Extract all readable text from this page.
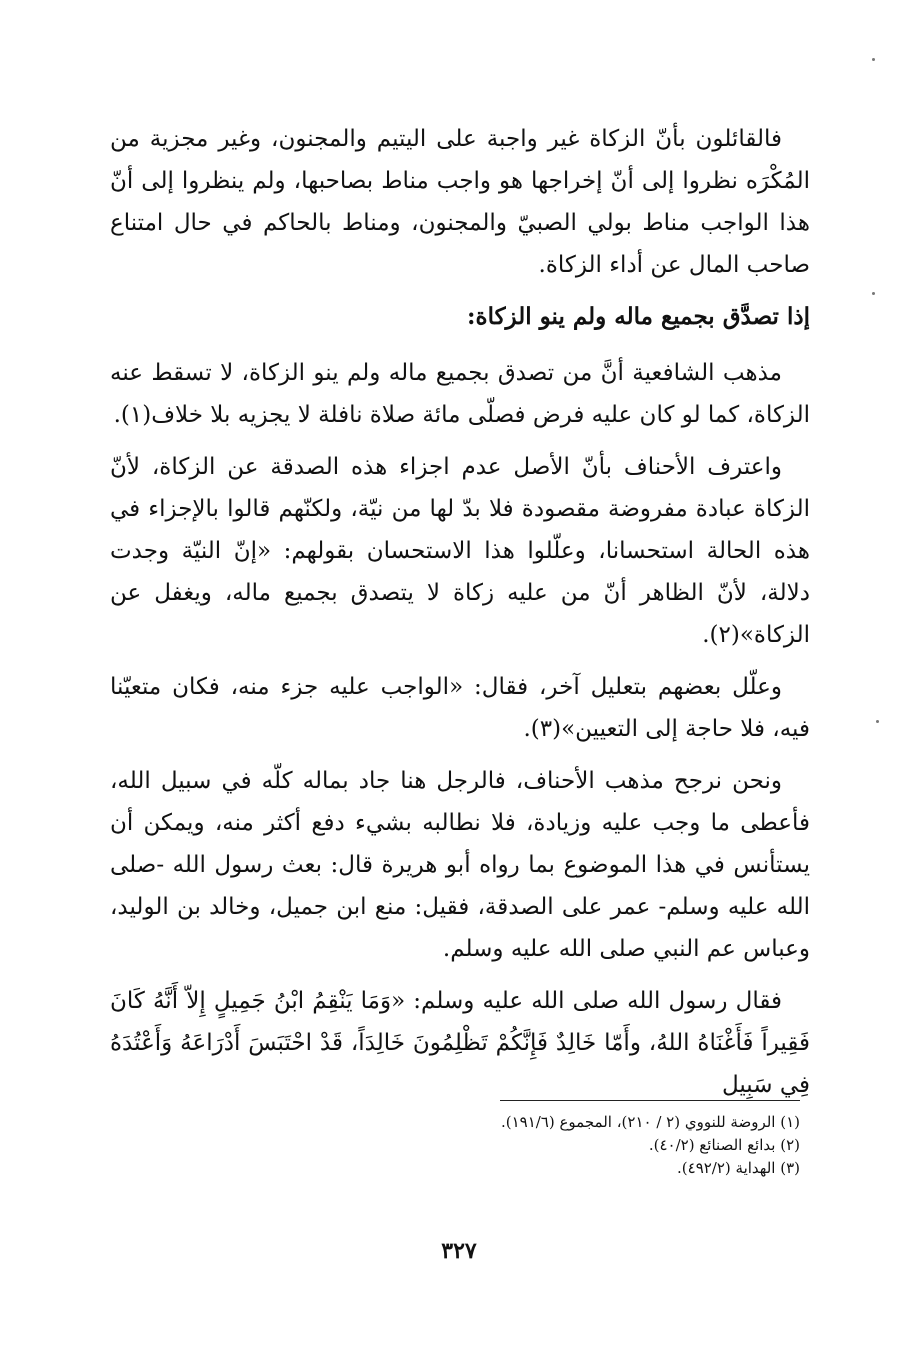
فالقائلون بأنّ الزكاة غير واجبة على اليتيم والمجنون، وغير مجزية من المُكْرَه نظروا إلى أنّ إخراجها هو واجب مناط بصاحبها، ولم ينظروا إلى أنّ هذا الواجب مناط بولي الصبيّ والمجنون، ومناط بالحاكم في حال امتناع صاحب المال عن أداء الزكاة.

إذا تصدَّق بجميع ماله ولم ينو الزكاة:

مذهب الشافعية أنَّ من تصدق بجميع ماله ولم ينو الزكاة، لا تسقط عنه الزكاة، كما لو كان عليه فرض فصلّى مائة صلاة نافلة لا يجزيه بلا خلاف(١).

واعترف الأحناف بأنّ الأصل عدم اجزاء هذه الصدقة عن الزكاة، لأنّ الزكاة عبادة مفروضة مقصودة فلا بدّ لها من نيّة، ولكنّهم قالوا بالإجزاء في هذه الحالة استحسانا، وعلّلوا هذا الاستحسان بقولهم: «إنّ النيّة وجدت دلالة، لأنّ الظاهر أنّ من عليه زكاة لا يتصدق بجميع ماله، ويغفل عن الزكاة»(٢).

وعلّل بعضهم بتعليل آخر، فقال: «الواجب عليه جزء منه، فكان متعيّنا فيه، فلا حاجة إلى التعيين»(٣).

ونحن نرجح مذهب الأحناف، فالرجل هنا جاد بماله كلّه في سبيل الله، فأعطى ما وجب عليه وزيادة، فلا نطالبه بشيء دفع أكثر منه، ويمكن أن يستأنس في هذا الموضوع بما رواه أبو هريرة قال: بعث رسول الله -صلى الله عليه وسلم- عمر على الصدقة، فقيل: منع ابن جميل، وخالد بن الوليد، وعباس عم النبي صلى الله عليه وسلم.

فقال رسول الله صلى الله عليه وسلم: «وَمَا يَنْقِمُ ابْنُ جَمِيلٍ إِلاّ أَنَّهُ كَانَ فَقِيراً فَأَغْنَاهُ اللهُ، وأَمّا خَالِدٌ فَإِنَّكُمْ تَظْلِمُونَ خَالِدَاً، قَدْ احْتَبَسَ أَدْرَاعَهُ وَأَعْتُدَهُ فِي سَبِيل

(١) الروضة للنووي (٢ / ٢١٠)، المجموع (١٩١/٦).

(٢) بدائع الصنائع (٤٠/٢).

(٣) الهداية (٤٩٢/٢).

٣٢٧
